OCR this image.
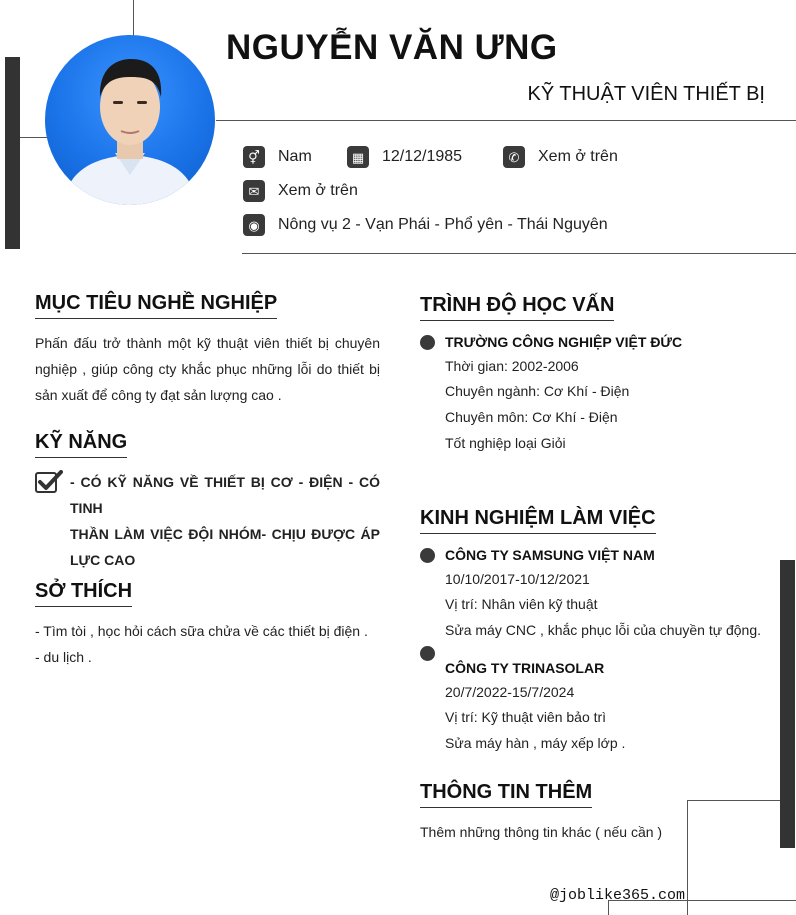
NGUYỄN VĂN ƯNG
KỸ THUẬT VIÊN THIẾT BỊ
⚥	Nam	▦	12/12/1985	✆	Xem ở trên
✉	Xem ở trên
◉	Nông vụ 2 - Vạn Phái - Phổ yên - Thái Nguyên
MỤC TIÊU NGHỀ NGHIỆP
Phấn đấu trở thành một kỹ thuật viên thiết bị chuyên
nghiệp , giúp công cty khắc phục những lỗi do thiết bị
sản xuất để công ty đạt sản lượng cao .
KỸ NĂNG
- CÓ KỸ NĂNG VỀ THIẾT BỊ CƠ - ĐIỆN - CÓ TINH
THẦN LÀM VIỆC ĐỘI NHÓM- CHỊU ĐƯỢC ÁP
LỰC CAO
SỞ THÍCH
- Tìm tòi , học hỏi cách sữa chửa về các thiết bị điện .
- du lịch .
TRÌNH ĐỘ HỌC VẤN
TRƯỜNG CÔNG NGHIỆP VIỆT ĐỨC
Thời gian: 2002-2006
Chuyên ngành: Cơ Khí - Điện
Chuyên môn: Cơ Khí - Điện
Tốt nghiệp loại Giỏi
KINH NGHIỆM LÀM VIỆC
CÔNG TY SAMSUNG VIỆT NAM
10/10/2017-10/12/2021
Vị trí: Nhân viên kỹ thuật
Sửa máy CNC , khắc phục lỗi của chuyền tự động.
CÔNG TY TRINASOLAR
20/7/2022-15/7/2024
Vị trí: Kỹ thuật viên bảo trì
Sửa máy hàn , máy xếp lớp .
THÔNG TIN THÊM
Thêm những thông tin khác ( nếu cần )
@joblike365.com
